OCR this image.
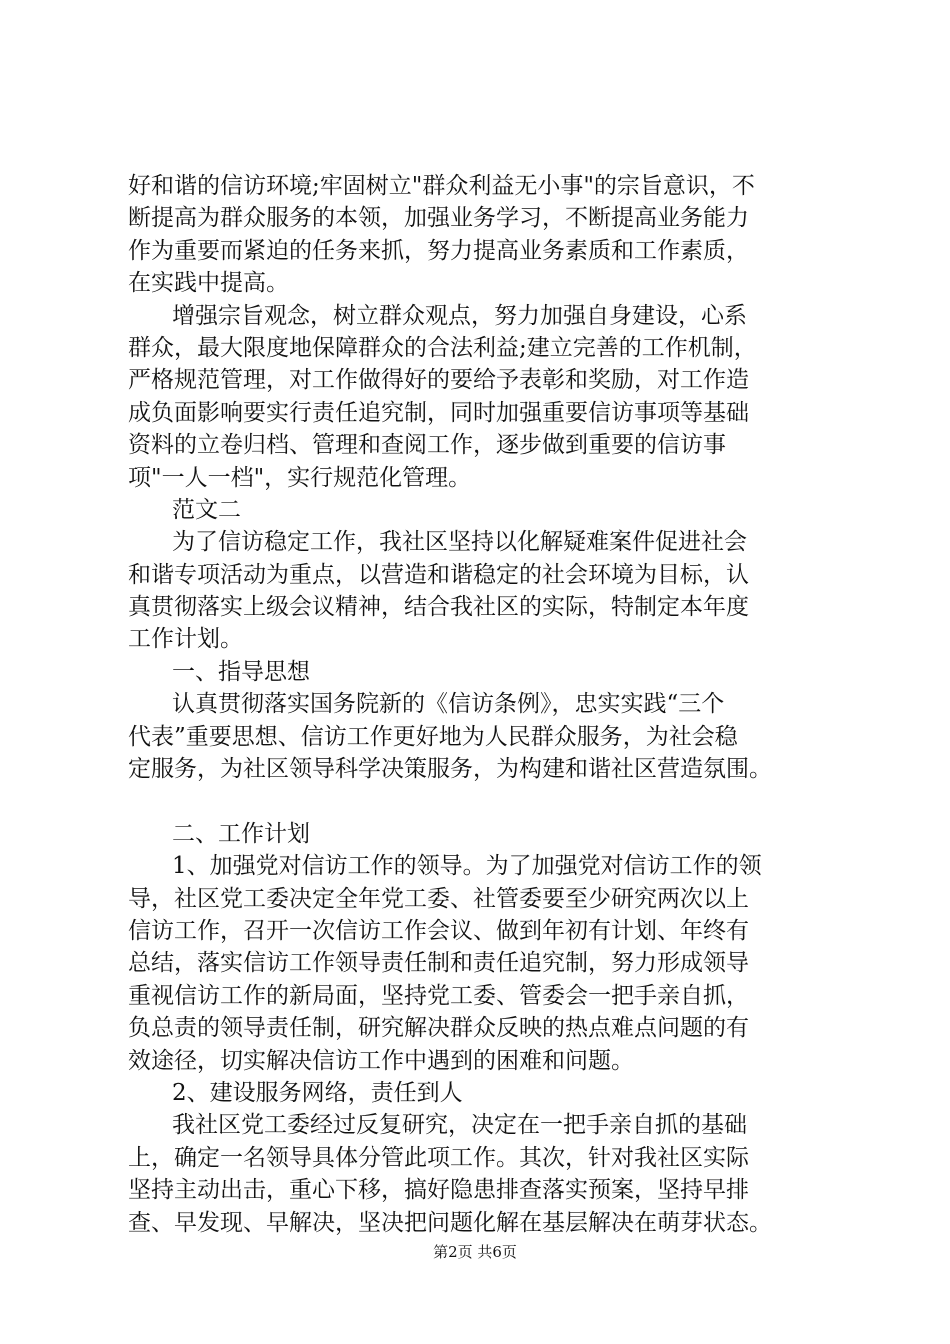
好和谐的信访环境;牢固树立"群众利益无小事"的宗旨意识，不
断提高为群众服务的本领，加强业务学习，不断提高业务能力
作为重要而紧迫的任务来抓，努力提高业务素质和工作素质，
在实践中提高。
增强宗旨观念，树立群众观点，努力加强自身建设，心系
群众，最大限度地保障群众的合法利益;建立完善的工作机制，
严格规范管理，对工作做得好的要给予表彰和奖励，对工作造
成负面影响要实行责任追究制，同时加强重要信访事项等基础
资料的立卷归档、管理和查阅工作，逐步做到重要的信访事
项"一人一档"，实行规范化管理。
范文二
为了信访稳定工作，我社区坚持以化解疑难案件促进社会
和谐专项活动为重点，以营造和谐稳定的社会环境为目标，认
真贯彻落实上级会议精神，结合我社区的实际，特制定本年度
工作计划。
一、指导思想
认真贯彻落实国务院新的《信访条例》，忠实实践“三个
代表”重要思想、信访工作更好地为人民群众服务，为社会稳
定服务，为社区领导科学决策服务，为构建和谐社区营造氛围。
二、工作计划
1、加强党对信访工作的领导。为了加强党对信访工作的领
导，社区党工委决定全年党工委、社管委要至少研究两次以上
信访工作，召开一次信访工作会议、做到年初有计划、年终有
总结，落实信访工作领导责任制和责任追究制，努力形成领导
重视信访工作的新局面，坚持党工委、管委会一把手亲自抓，
负总责的领导责任制，研究解决群众反映的热点难点问题的有
效途径，切实解决信访工作中遇到的困难和问题。
2、建设服务网络，责任到人
我社区党工委经过反复研究，决定在一把手亲自抓的基础
上，确定一名领导具体分管此项工作。其次，针对我社区实际
坚持主动出击，重心下移，搞好隐患排查落实预案，坚持早排
查、早发现、早解决，坚决把问题化解在基层解决在萌芽状态。
第2页 共6页
